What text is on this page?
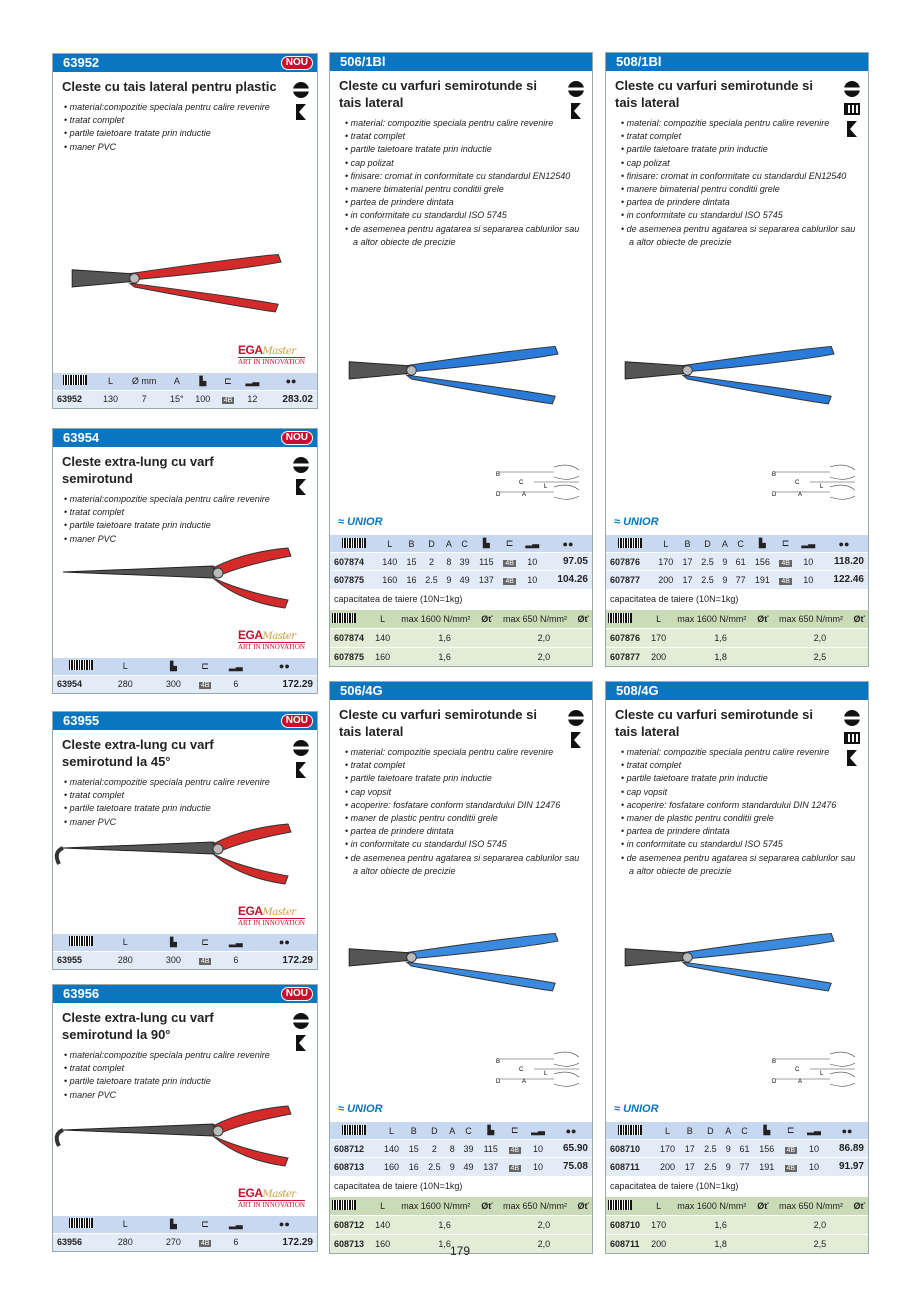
63952	NOU
Cleste cu tais lateral pentru plastic
• material:compozitie speciala pentru calire revenire
• tratat complet
• partile taietoare tratate prin inductie
• maner PVC
EGAMaster
ART IN INNOVATION
	L	Ø mm	A	▙	⊏	▂▃	●●
63952	130	7	15°	100	4B	12	283.02
63954	NOU
Cleste extra-lung cu varf semirotund
• material:compozitie speciala pentru calire revenire
• tratat complet
• partile taietoare tratate prin inductie
• maner PVC
EGAMaster
ART IN INNOVATION
	L			▙	⊏	▂▃	●●
63954	280			300	4B	6	172.29
63955	NOU
Cleste extra-lung cu varf semirotund la 45°
• material:compozitie speciala pentru calire revenire
• tratat complet
• partile taietoare tratate prin inductie
• maner PVC
EGAMaster
ART IN INNOVATION
	L			▙	⊏	▂▃	●●
63955	280			300	4B	6	172.29
63956	NOU
Cleste extra-lung cu varf semirotund la 90°
• material:compozitie speciala pentru calire revenire
• tratat complet
• partile taietoare tratate prin inductie
• maner PVC
EGAMaster
ART IN INNOVATION
	L			▙	⊏	▂▃	●●
63956	280			270	4B	6	172.29
506/1Bl
Cleste cu varfuri semirotunde si tais lateral
• material: compozitie speciala pentru calire revenire
• tratat complet
• partile taietoare tratate prin inductie
• cap polizat
• finisare: cromat in conformitate cu standardul EN12540
• manere bimaterial pentru conditii grele
• partea de prindere dintata
• in conformitate cu standardul ISO 5745
• de asemenea pentru agatarea si separarea cablurilor sau a altor obiecte de precizie
B
C
D	A
L
≈ UNIOR
	L	B	D	A	C	▙	⊏	▂▃	●●
607874	140	15	2	8	39	115	4B	10	97.05
607875	160	16	2.5	9	49	137	4B	10	104.26
capacitatea de taiere (10N=1kg)
	L	max 1600 N/mm²	Øť	max 650 N/mm²	Øť
607874	140	1,6		2,0	
607875	160	1,6		2,0	
508/1Bl
Cleste cu varfuri semirotunde si tais lateral
• material: compozitie speciala pentru calire revenire
• tratat complet
• partile taietoare tratate prin inductie
• cap polizat
• finisare: cromat in conformitate cu standardul EN12540
• manere bimaterial pentru conditii grele
• partea de prindere dintata
• in conformitate cu standardul ISO 5745
• de asemenea pentru agatarea si separarea cablurilor sau a altor obiecte de precizie
B
C
D	A
L
≈ UNIOR
	L	B	D	A	C	▙	⊏	▂▃	●●
607876	170	17	2.5	9	61	156	4B	10	118.20
607877	200	17	2.5	9	77	191	4B	10	122.46
capacitatea de taiere (10N=1kg)
	L	max 1600 N/mm²	Øť	max 650 N/mm²	Øť
607876	170	1,6		2,0	
607877	200	1,8		2,5	
506/4G
Cleste cu varfuri semirotunde si tais lateral
• material: compozitie speciala pentru calire revenire
• tratat complet
• partile taietoare tratate prin inductie
• cap vopsit
• acoperire: fosfatare conform standardului DIN 12476
• maner de plastic pentru conditii grele
• partea de prindere dintata
• in conformitate cu standardul ISO 5745
• de asemenea pentru agatarea si separarea cablurilor sau a altor obiecte de precizie
B
C
D	A
L
≈ UNIOR
	L	B	D	A	C	▙	⊏	▂▃	●●
608712	140	15	2	8	39	115	4B	10	65.90
608713	160	16	2.5	9	49	137	4B	10	75.08
capacitatea de taiere (10N=1kg)
	L	max 1600 N/mm²	Øť	max 650 N/mm²	Øť
608712	140	1,6		2,0	
608713	160	1,6		2,0	
508/4G
Cleste cu varfuri semirotunde si tais lateral
• material: compozitie speciala pentru calire revenire
• tratat complet
• partile taietoare tratate prin inductie
• cap vopsit
• acoperire: fosfatare conform standardului DIN 12476
• maner de plastic pentru conditii grele
• partea de prindere dintata
• in conformitate cu standardul ISO 5745
• de asemenea pentru agatarea si separarea cablurilor sau a altor obiecte de precizie
B
C
D	A
L
≈ UNIOR
	L	B	D	A	C	▙	⊏	▂▃	●●
608710	170	17	2.5	9	61	156	4B	10	86.89
608711	200	17	2.5	9	77	191	4B	10	91.97
capacitatea de taiere (10N=1kg)
	L	max 1600 N/mm²	Øť	max 650 N/mm²	Øť
608710	170	1,6		2,0	
608711	200	1,8		2,5	
179
